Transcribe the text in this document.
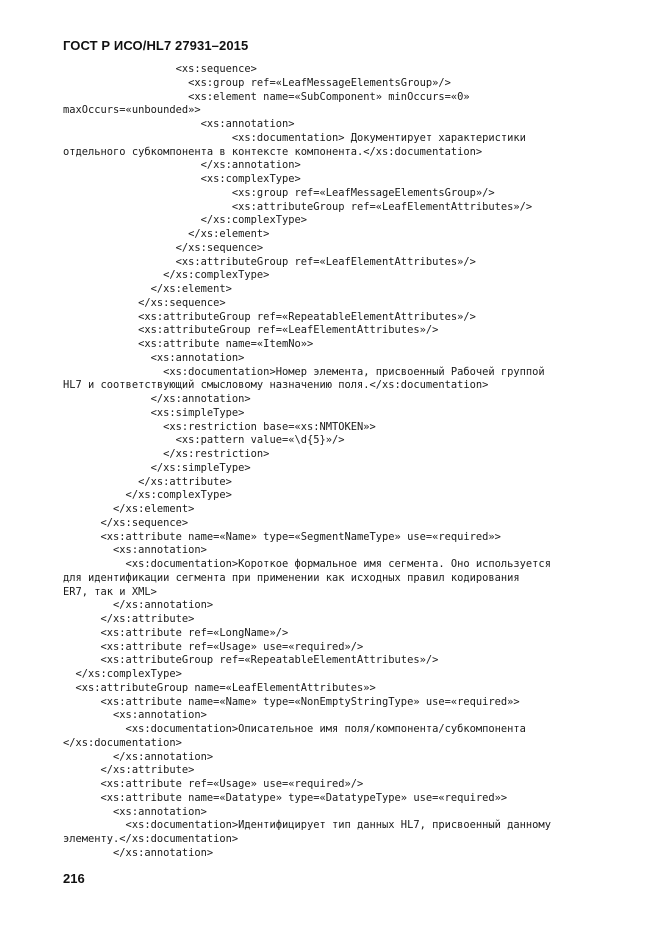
ГОСТ Р ИСО/HL7 27931–2015
<xs:sequence>
<xs:group ref=«LeafMessageElementsGroup»/>
<xs:element name=«SubComponent» minOccurs=«0»
maxOccurs=«unbounded»>
<xs:annotation>
<xs:documentation> Документирует характеристики
отдельного субкомпонента в контексте компонента.</xs:documentation>
</xs:annotation>
<xs:complexType>
<xs:group ref=«LeafMessageElementsGroup»/>
<xs:attributeGroup ref=«LeafElementAttributes»/>
</xs:complexType>
</xs:element>
</xs:sequence>
<xs:attributeGroup ref=«LeafElementAttributes»/>
</xs:complexType>
</xs:element>
</xs:sequence>
<xs:attributeGroup ref=«RepeatableElementAttributes»/>
<xs:attributeGroup ref=«LeafElementAttributes»/>
<xs:attribute name=«ItemNo»>
<xs:annotation>
<xs:documentation>Номер элемента, присвоенный Рабочей группой
HL7 и соответствующий смысловому назначению поля.</xs:documentation>
</xs:annotation>
<xs:simpleType>
<xs:restriction base=«xs:NMTOKEN»>
<xs:pattern value=«\d{5}»/>
</xs:restriction>
</xs:simpleType>
</xs:attribute>
</xs:complexType>
</xs:element>
</xs:sequence>
<xs:attribute name=«Name» type=«SegmentNameType» use=«required»>
<xs:annotation>
<xs:documentation>Короткое формальное имя сегмента. Оно используется
для идентификации сегмента при применении как исходных правил кодирования
ER7, так и XML>
</xs:annotation>
</xs:attribute>
<xs:attribute ref=«LongName»/>
<xs:attribute ref=«Usage» use=«required»/>
<xs:attributeGroup ref=«RepeatableElementAttributes»/>
</xs:complexType>
<xs:attributeGroup name=«LeafElementAttributes»>
<xs:attribute name=«Name» type=«NonEmptyStringType» use=«required»>
<xs:annotation>
<xs:documentation>Описательное имя поля/компонента/субкомпонента
</xs:documentation>
</xs:annotation>
</xs:attribute>
<xs:attribute ref=«Usage» use=«required»/>
<xs:attribute name=«Datatype» type=«DatatypeType» use=«required»>
<xs:annotation>
<xs:documentation>Идентифицирует тип данных HL7, присвоенный данному
элементу.</xs:documentation>
</xs:annotation>
216
